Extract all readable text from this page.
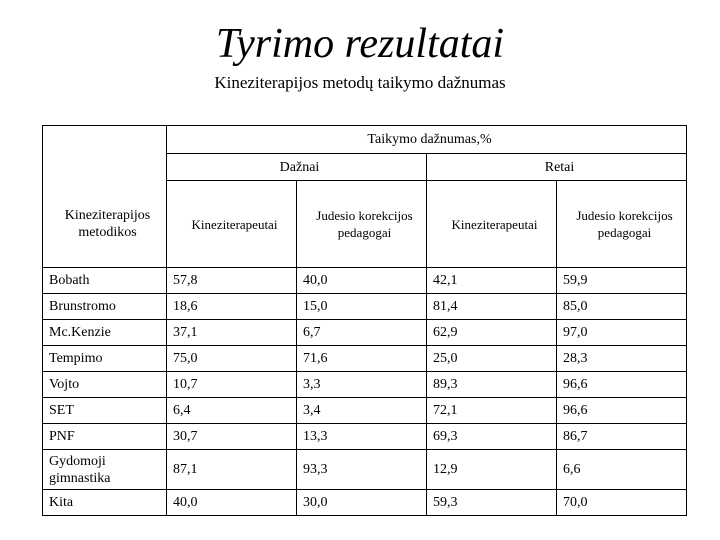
Tyrimo rezultatai
Kineziterapijos metodų taikymo dažnumas
Kineziterapijos metodikos	Taikymo dažnumas,%			
	Dažnai		Retai	
	Kineziterapeutai	Judesio korekcijos pedagogai	Kineziterapeutai	Judesio korekcijos pedagogai
Bobath	57,8	40,0	42,1	59,9
Brunstromo	18,6	15,0	81,4	85,0
Mc.Kenzie	37,1	6,7	62,9	97,0
Tempimo	75,0	71,6	25,0	28,3
Vojto	10,7	3,3	89,3	96,6
SET	6,4	3,4	72,1	96,6
PNF	30,7	13,3	69,3	86,7
Gydomoji gimnastika	87,1	93,3	12,9	6,6
Kita	40,0	30,0	59,3	70,0
